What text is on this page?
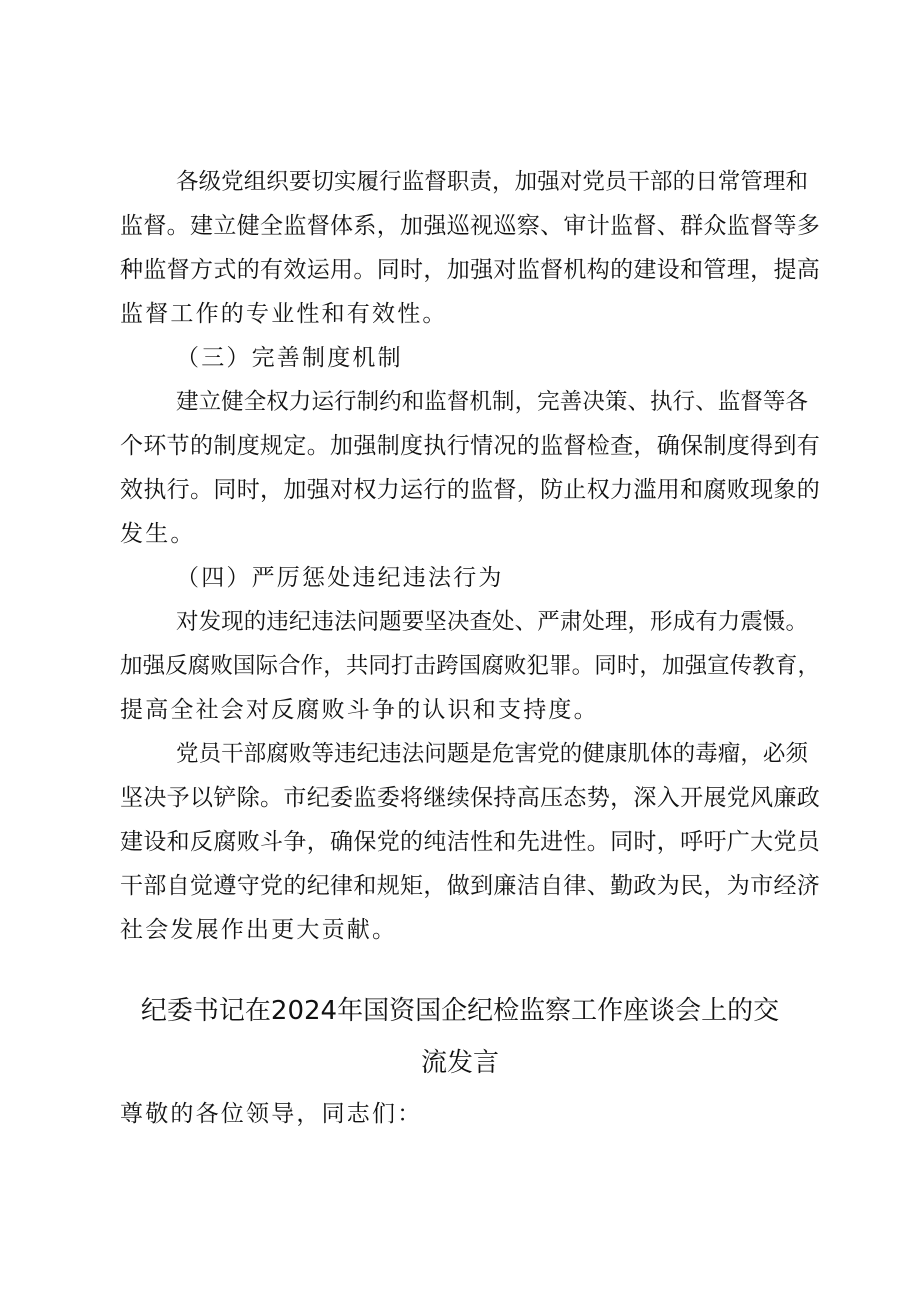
各级党组织要切实履行监督职责，加强对党员干部的日常管理和
监督。建立健全监督体系，加强巡视巡察、审计监督、群众监督等多
种监督方式的有效运用。同时，加强对监督机构的建设和管理，提高
监督工作的专业性和有效性。
（三）完善制度机制
建立健全权力运行制约和监督机制，完善决策、执行、监督等各
个环节的制度规定。加强制度执行情况的监督检查，确保制度得到有
效执行。同时，加强对权力运行的监督，防止权力滥用和腐败现象的
发生。
（四）严厉惩处违纪违法行为
对发现的违纪违法问题要坚决查处、严肃处理，形成有力震慑。
加强反腐败国际合作，共同打击跨国腐败犯罪。同时，加强宣传教育，
提高全社会对反腐败斗争的认识和支持度。
党员干部腐败等违纪违法问题是危害党的健康肌体的毒瘤，必须
坚决予以铲除。市纪委监委将继续保持高压态势，深入开展党风廉政
建设和反腐败斗争，确保党的纯洁性和先进性。同时，呼吁广大党员
干部自觉遵守党的纪律和规矩，做到廉洁自律、勤政为民，为市经济
社会发展作出更大贡献。
纪委书记在2024年国资国企纪检监察工作座谈会上的交
流发言
尊敬的各位领导，同志们：
